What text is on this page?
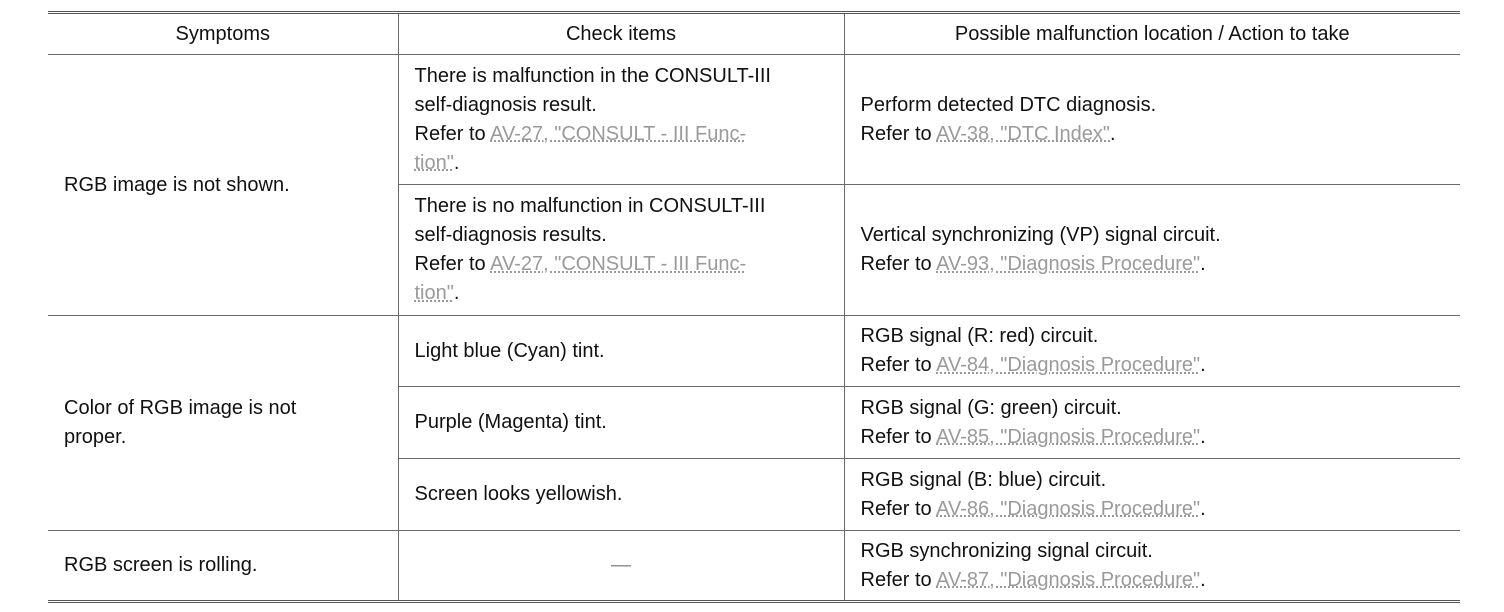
Symptoms	Check items	Possible malfunction location / Action to take
RGB image is not shown.	There is malfunction in the CONSULT-III
self-diagnosis result.
Refer to AV-27, "CONSULT - III Func-
tion".	Perform detected DTC diagnosis.
Refer to AV-38, "DTC Index".

	There is no malfunction in CONSULT-III
self-diagnosis results.
Refer to AV-27, "CONSULT - III Func-
tion".	Vertical synchronizing (VP) signal circuit.
Refer to AV-93, "Diagnosis Procedure".

Color of RGB image is not
proper.	Light blue (Cyan) tint.	RGB signal (R: red) circuit.
Refer to AV-84, "Diagnosis Procedure".

	Purple (Magenta) tint.	RGB signal (G: green) circuit.
Refer to AV-85, "Diagnosis Procedure".

	Screen looks yellowish.	RGB signal (B: blue) circuit.
Refer to AV-86, "Diagnosis Procedure".

RGB screen is rolling.	—	RGB synchronizing signal circuit.
Refer to AV-87, "Diagnosis Procedure".
